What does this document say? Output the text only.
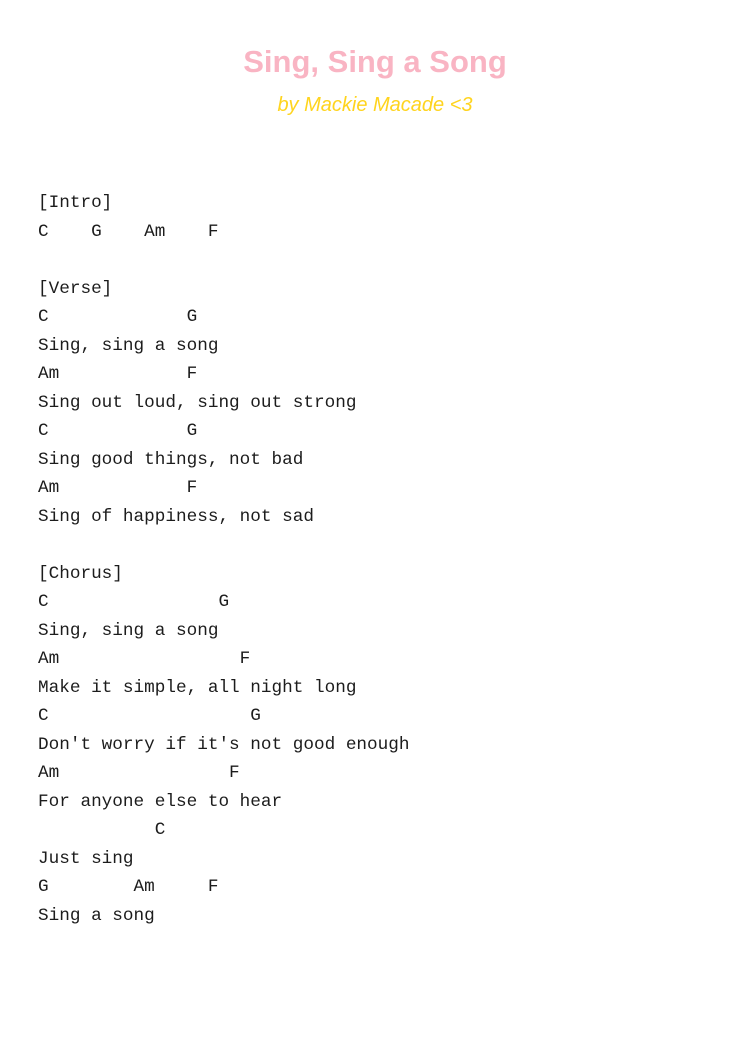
Sing, Sing a Song
by Mackie Macade <3
[Intro]
C    G    Am    F
[Verse]
C             G
Sing, sing a song
Am            F
Sing out loud, sing out strong
C             G
Sing good things, not bad
Am            F
Sing of happiness, not sad
[Chorus]
C                G
Sing, sing a song
Am                 F
Make it simple, all night long
C                   G
Don't worry if it's not good enough
Am                F
For anyone else to hear
C
Just sing
G        Am     F
Sing a song
